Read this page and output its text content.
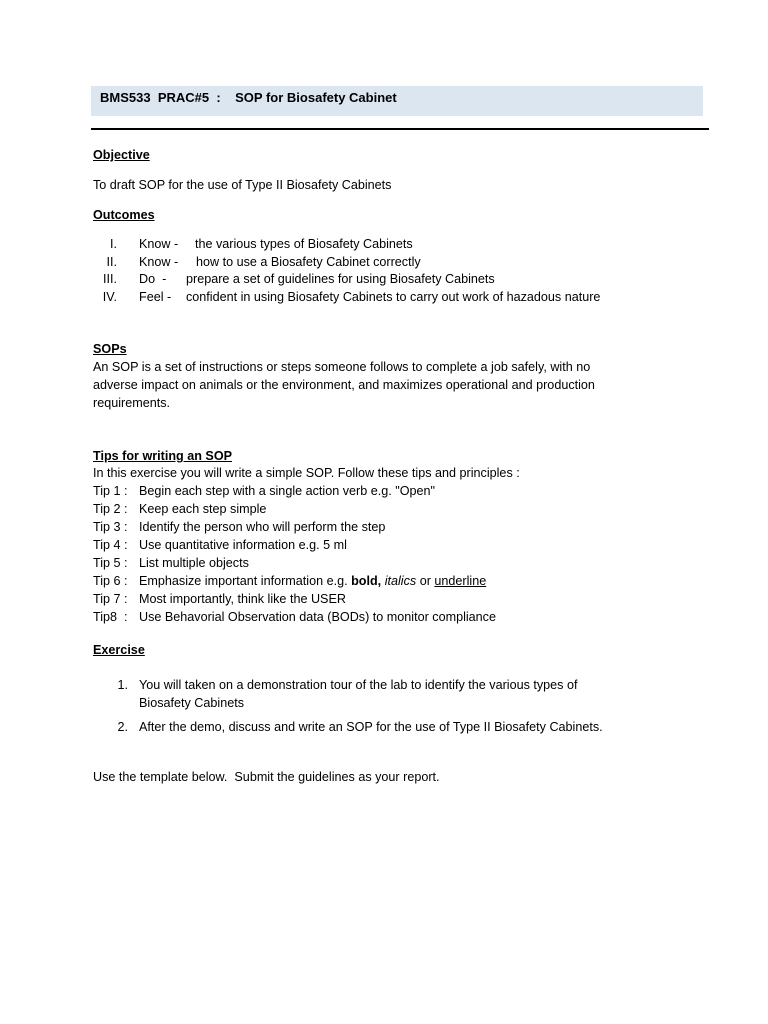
BMS533 PRAC#5 : SOP for Biosafety Cabinet
Objective
To draft SOP for the use of Type II Biosafety Cabinets
Outcomes
I. Know - the various types of Biosafety Cabinets
II. Know - how to use a Biosafety Cabinet correctly
III. Do  - prepare a set of guidelines for using Biosafety Cabinets
IV. Feel - confident in using Biosafety Cabinets to carry out work of hazadous nature
SOPs
An SOP is a set of instructions or steps someone follows to complete a job safely, with no
adverse impact on animals or the environment, and maximizes operational and production
requirements.
Tips for writing an SOP
In this exercise you will write a simple SOP. Follow these tips and principles :
Tip 1 : Begin each step with a single action verb e.g. "Open"
Tip 2 : Keep each step simple
Tip 3 : Identify the person who will perform the step
Tip 4 : Use quantitative information e.g. 5 ml
Tip 5 : List multiple objects
Tip 6 : Emphasize important information e.g. bold, italics or underline
Tip 7 : Most importantly, think like the USER
Tip8  : Use Behavorial Observation data (BODs) to monitor compliance
Exercise
1. You will taken on a demonstration tour of the lab to identify the various types of
Biosafety Cabinets
2. After the demo, discuss and write an SOP for the use of Type II Biosafety Cabinets.
Use the template below.  Submit the guidelines as your report.
